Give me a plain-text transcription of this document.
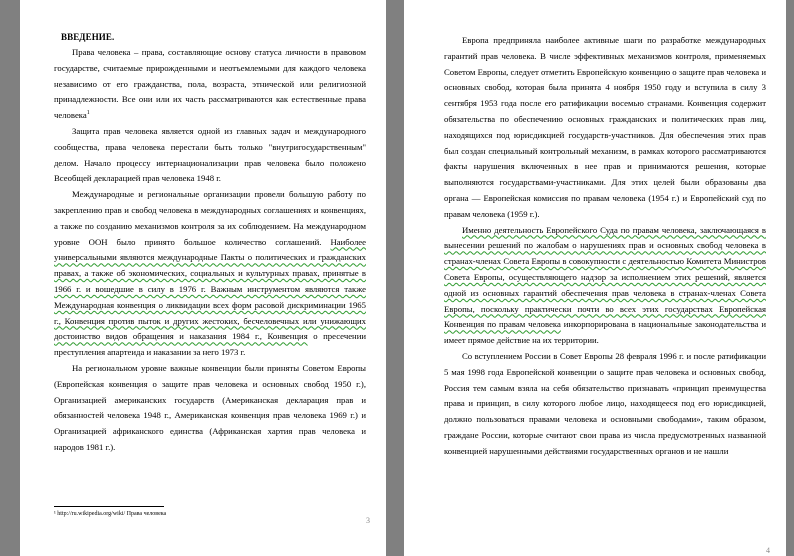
ВВЕДЕНИЕ.

Права человека – права, составляющие основу статуса личности в правовом государстве, считаемые прирожденными и неотъемлемыми для каждого человека независимо от его гражданства, пола, возраста, этнической или религиозной принадлежности. Все они или их часть рассматриваются как естественные права человека$^1$

Защита прав человека является одной из главных задач и международного сообщества, права человека перестали быть только "внутригосударственным" делом. Начало процессу интернационализации прав человека было положено Всеобщей декларацией прав человека 1948 г.

Международные и региональные организации провели большую работу по закреплению прав и свобод человека в международных соглашениях и конвенциях, а также по созданию механизмов контроля за их соблюдением. На международном уровне ООН было принято большое количество соглашений. Наиболее универсальными являются международные Пакты о политических и гражданских правах, а также об экономических, социальных и культурных правах, принятые в 1966 г. и вошедшие в силу в 1976 г. Важным инструментом являются также Международная конвенция о ликвидации всех форм расовой дискриминации 1965 г., Конвенция против пыток и других жестоких, бесчеловечных или унижающих достоинство видов обращения и наказания 1984 г., Конвенция о пресечении преступления апартеида и наказании за него 1973 г.

На региональном уровне важные конвенции были приняты Советом Европы (Европейская конвенция о защите прав человека и основных свобод 1950 г.), Организацией американских государств (Американская декларация прав и обязанностей человека 1948 г., Американская конвенция прав человека 1969 г.) и Организацией африканского единства (Африканская хартия прав человека и народов 1981 г.).

¹ http://ru.wikipedia.org/wiki/ Права человека
3

Европа предприняла наиболее активные шаги по разработке международных гарантий прав человека. В числе эффективных механизмов контроля, применяемых Советом Европы, следует отметить Европейскую конвенцию о защите прав человека и основных свобод, которая была принята 4 ноября 1950 году и вступила в силу 3 сентября 1953 года после его ратификации восемью странами. Конвенция содержит обязательства по обеспечению основных гражданских и политических прав лиц, находящихся под юрисдикцией государств-участников. Для обеспечения этих прав был создан специальный контрольный механизм, в рамках которого рассматриваются факты нарушения включенных в нее прав и принимаются решения, которые выполняются государствами-участниками. Для этих целей были образованы два органа — Европейская комиссия по правам человека (1954 г.) и Европейский суд по правам человека (1959 г.).

Именно деятельность Европейского Суда по правам человека, заключающаяся в вынесении решений по жалобам о нарушениях прав и основных свобод человека в странах-членах Совета Европы в совокупности с деятельностью Комитета Министров Совета Европы, осуществляющего надзор за исполнением этих решений, является одной из основных гарантий обеспечения прав человека в странах-членах Совета Европы, поскольку практически почти во всех этих государствах Европейская Конвенция по правам человека инкорпорирована в национальные законодательства и имеет прямое действие на их территории.

Со вступлением России в Совет Европы 28 февраля 1996 г. и после ратификации 5 мая 1998 года Европейской конвенции о защите прав человека и основных свобод, Россия тем самым взяла на себя обязательство признавать «принцип преимущества права и принцип, в силу которого любое лицо, находящееся под его юрисдикцией, должно пользоваться правами человека и основными свободами», таким образом, граждане России, которые считают свои права из числа предусмотренных названной конвенцией нарушенными действиями государственных органов и не нашли

4
